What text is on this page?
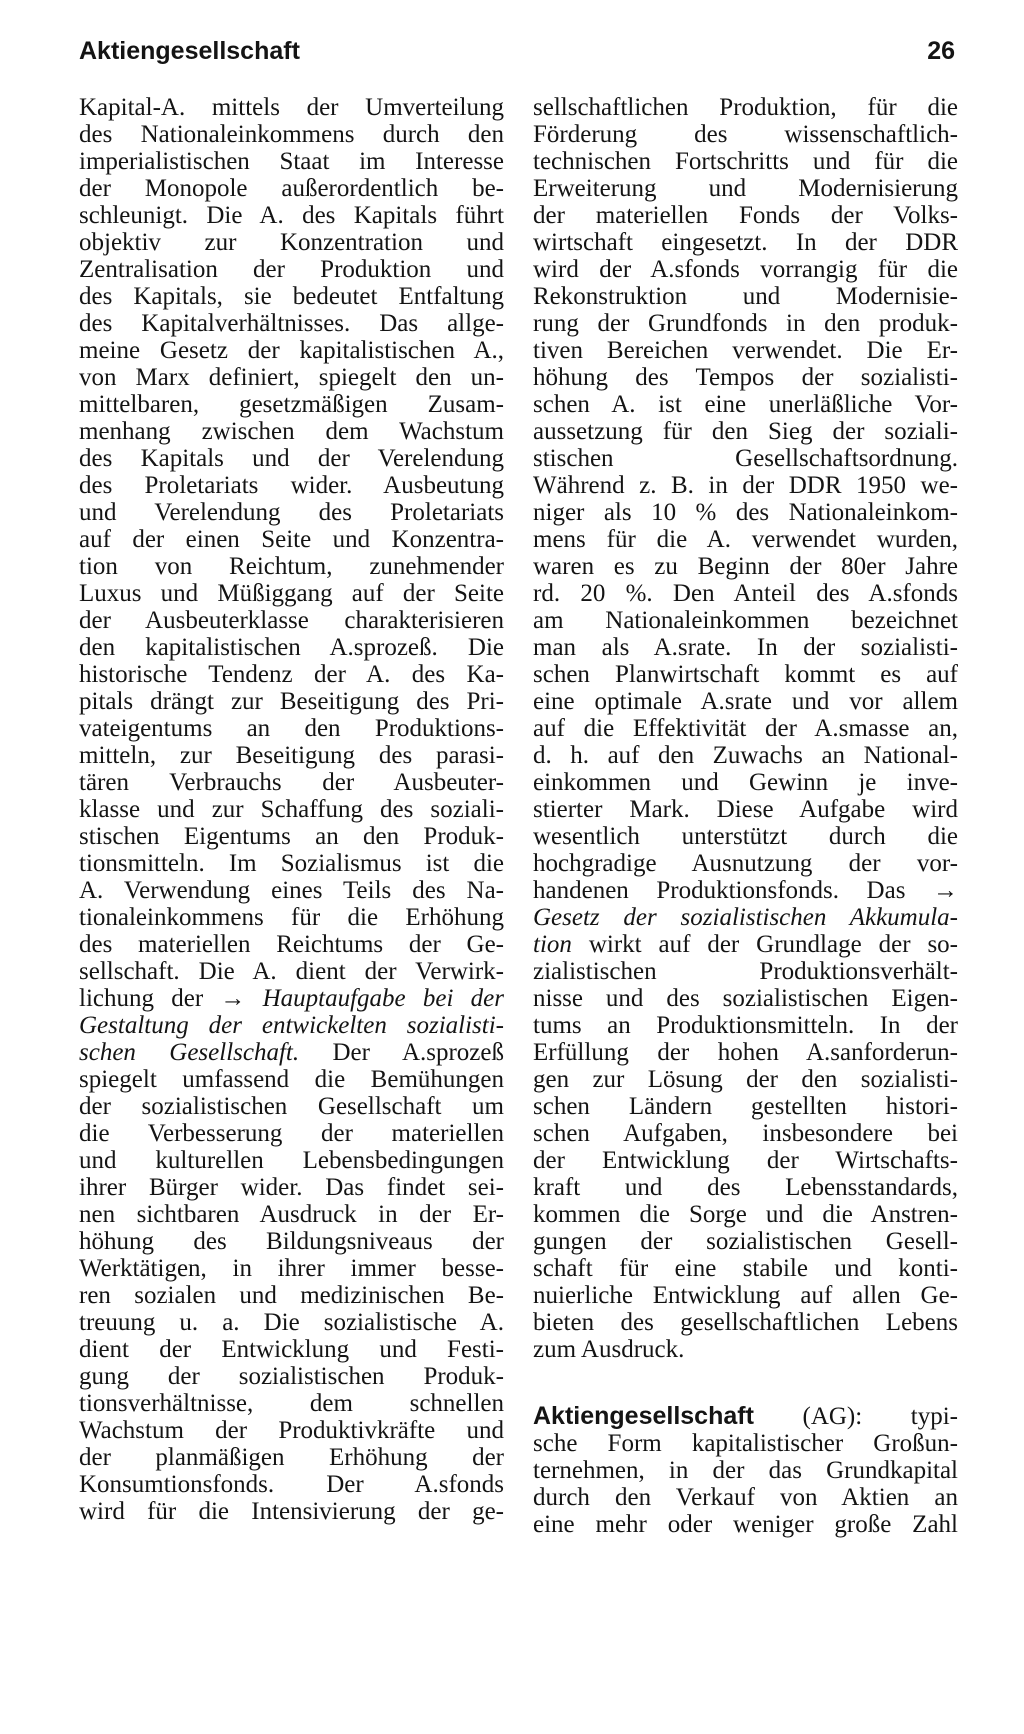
Aktiengesellschaft	26
Kapital-A. mittels der Umverteilung
des Nationaleinkommens durch den
imperialistischen Staat im Interesse
der Monopole außerordentlich be-
schleunigt. Die A. des Kapitals führt
objektiv zur Konzentration und
Zentralisation der Produktion und
des Kapitals, sie bedeutet Entfaltung
des Kapitalverhältnisses. Das allge-
meine Gesetz der kapitalistischen A.,
von Marx definiert, spiegelt den un-
mittelbaren, gesetzmäßigen Zusam-
menhang zwischen dem Wachstum
des Kapitals und der Verelendung
des Proletariats wider. Ausbeutung
und Verelendung des Proletariats
auf der einen Seite und Konzentra-
tion von Reichtum, zunehmender
Luxus und Müßiggang auf der Seite
der Ausbeuterklasse charakterisieren
den kapitalistischen A.sprozeß. Die
historische Tendenz der A. des Ka-
pitals drängt zur Beseitigung des Pri-
vateigentums an den Produktions-
mitteln, zur Beseitigung des parasi-
tären Verbrauchs der Ausbeuter-
klasse und zur Schaffung des soziali-
stischen Eigentums an den Produk-
tionsmitteln. Im Sozialismus ist die
A. Verwendung eines Teils des Na-
tionaleinkommens für die Erhöhung
des materiellen Reichtums der Ge-
sellschaft. Die A. dient der Verwirk-
lichung der → Hauptaufgabe bei der
Gestaltung der entwickelten sozialisti-
schen Gesellschaft. Der A.sprozeß
spiegelt umfassend die Bemühungen
der sozialistischen Gesellschaft um
die Verbesserung der materiellen
und kulturellen Lebensbedingungen
ihrer Bürger wider. Das findet sei-
nen sichtbaren Ausdruck in der Er-
höhung des Bildungsniveaus der
Werktätigen, in ihrer immer besse-
ren sozialen und medizinischen Be-
treuung u. a. Die sozialistische A.
dient der Entwicklung und Festi-
gung der sozialistischen Produk-
tionsverhältnisse, dem schnellen
Wachstum der Produktivkräfte und
der planmäßigen Erhöhung der
Konsumtionsfonds. Der A.sfonds
wird für die Intensivierung der ge-
sellschaftlichen Produktion, für die
Förderung des wissenschaftlich-
technischen Fortschritts und für die
Erweiterung und Modernisierung
der materiellen Fonds der Volks-
wirtschaft eingesetzt. In der DDR
wird der A.sfonds vorrangig für die
Rekonstruktion und Modernisie-
rung der Grundfonds in den produk-
tiven Bereichen verwendet. Die Er-
höhung des Tempos der sozialisti-
schen A. ist eine unerläßliche Vor-
aussetzung für den Sieg der soziali-
stischen Gesellschaftsordnung.
Während z. B. in der DDR 1950 we-
niger als 10 % des Nationaleinkom-
mens für die A. verwendet wurden,
waren es zu Beginn der 80er Jahre
rd. 20 %. Den Anteil des A.sfonds
am Nationaleinkommen bezeichnet
man als A.srate. In der sozialisti-
schen Planwirtschaft kommt es auf
eine optimale A.srate und vor allem
auf die Effektivität der A.smasse an,
d. h. auf den Zuwachs an National-
einkommen und Gewinn je inve-
stierter Mark. Diese Aufgabe wird
wesentlich unterstützt durch die
hochgradige Ausnutzung der vor-
handenen Produktionsfonds. Das →
Gesetz der sozialistischen Akkumula-
tion wirkt auf der Grundlage der so-
zialistischen Produktionsverhält-
nisse und des sozialistischen Eigen-
tums an Produktionsmitteln. In der
Erfüllung der hohen A.sanforderun-
gen zur Lösung der den sozialisti-
schen Ländern gestellten histori-
schen Aufgaben, insbesondere bei
der Entwicklung der Wirtschafts-
kraft und des Lebensstandards,
kommen die Sorge und die Anstren-
gungen der sozialistischen Gesell-
schaft für eine stabile und konti-
nuierliche Entwicklung auf allen Ge-
bieten des gesellschaftlichen Lebens
zum Ausdruck.
Aktiengesellschaft (AG): typi-
sche Form kapitalistischer Großun-
ternehmen, in der das Grundkapital
durch den Verkauf von Aktien an
eine mehr oder weniger große Zahl
